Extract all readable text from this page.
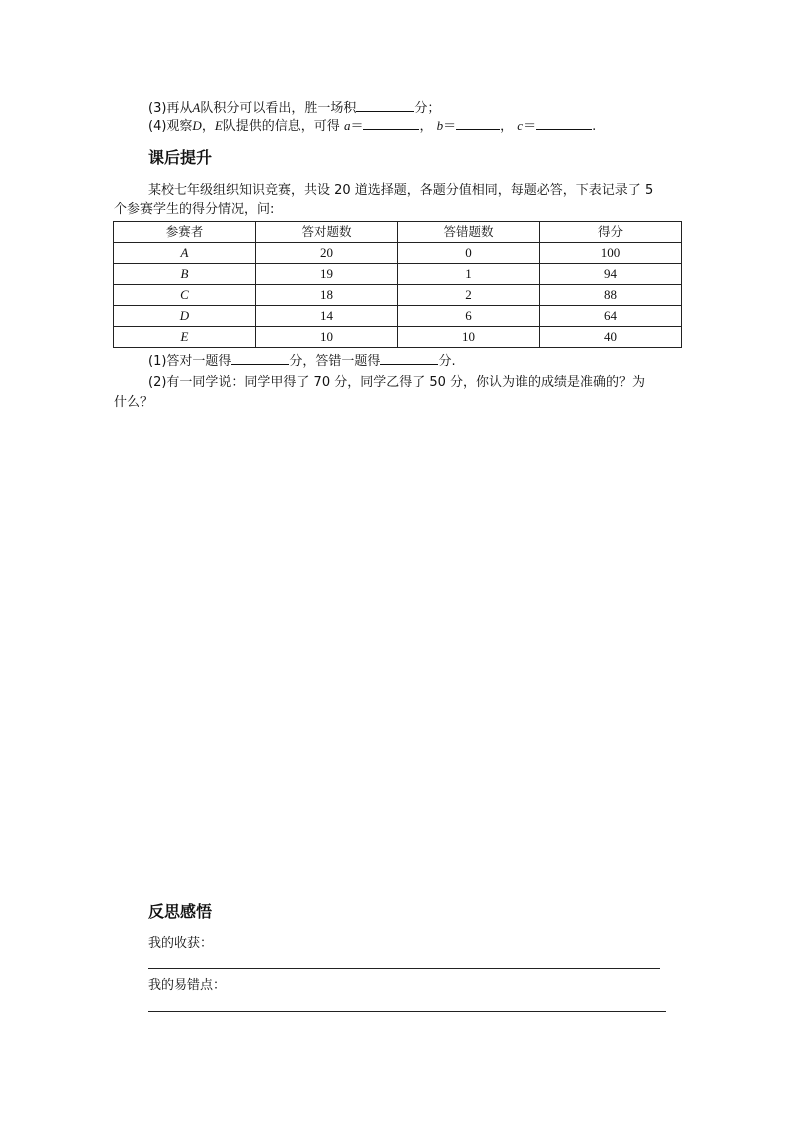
(3)再从A队积分可以看出，胜一场积	分；
(4)观察D，E队提供的信息，可得 a＝	， b＝	， c＝	.
课后提升
某校七年级组织知识竞赛，共设 20 道选择题，各题分值相同，每题必答，下表记录了 5
个参赛学生的得分情况，问:
参赛者	答对题数	答错题数	得分
A	20	0	100
B	19	1	94
C	18	2	88
D	14	6	64
E	10	10	40
(1)答对一题得	分，答错一题得	分.
(2)有一同学说：同学甲得了 70 分，同学乙得了 50 分，你认为谁的成绩是准确的？为
什么？
反思感悟
我的收获：
我的易错点：
